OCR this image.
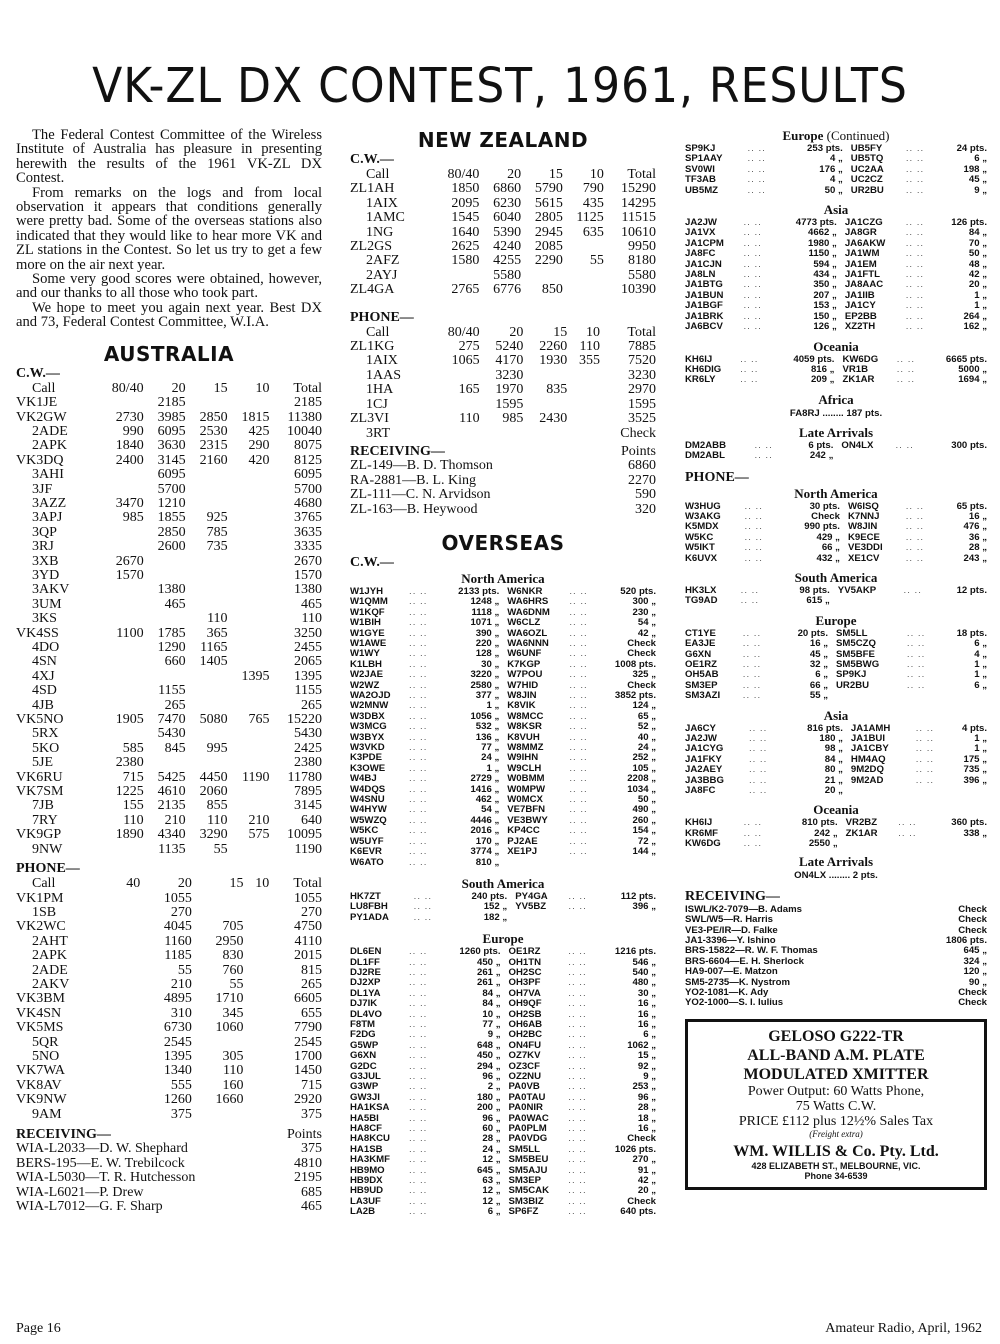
VK-ZL DX CONTEST, 1961, RESULTS

The Federal Contest Committee of the Wireless Institute of Australia has pleasure in presenting herewith the results of the 1961 VK-ZL DX Contest.

From remarks on the logs and from local observation it appears that conditions generally were pretty bad. Some of the overseas stations also indicated that they would like to hear more VK and ZL stations in the Contest. So let us try to get a few more on the air next year.

Some very good scores were obtained, however, and our thanks to all those who took part.

We hope to meet you again next year. Best DX and 73, Federal Contest Committee, W.I.A.

AUSTRALIA
C.W.—
Call	80/40	20	15	10	Total
VK1JE		2185			2185
VK2GW	2730	3985	2850	1815	11380
2ADE	990	6095	2530	425	10040
2APK	1840	3630	2315	290	8075
VK3DQ	2400	3145	2160	420	8125
3AHI		6095			6095
3JF		5700			5700
3AZZ	3470	1210			4680
3APJ	985	1855	925		3765
3QP		2850	785		3635
3RJ		2600	735		3335
3XB	2670				2670
3YD	1570				1570
3AKV		1380			1380
3UM		465			465
3KS			110		110
VK4SS	1100	1785	365		3250
4DO		1290	1165		2455
4SN		660	1405		2065
4XJ				1395	1395
4SD		1155			1155
4JB		265			265
VK5NO	1905	7470	5080	765	15220
5RX		5430			5430
5KO	585	845	995		2425
5JE	2380				2380
VK6RU	715	5425	4450	1190	11780
VK7SM	1225	4610	2060		7895
7JB	155	2135	855		3145
7RY	110	210	110	210	640
VK9GP	1890	4340	3290	575	10095
9NW		1135	55		1190
PHONE—
Call	40	20	15	10	Total
VK1PM		1055			1055
1SB		270			270
VK2WC		4045	705		4750
2AHT		1160	2950		4110
2APK		1185	830		2015
2ADE		55	760		815
2AKV		210	55		265
VK3BM		4895	1710		6605
VK4SN		310	345		655
VK5MS		6730	1060		7790
5QR		2545			2545
5NO		1395	305		1700
VK7WA		1340	110		1450
VK8AV		555	160		715
VK9NW		1260	1660		2920
9AM		375			375
RECEIVING—	Points
WIA-L2033—D. W. Shephard	375
BERS-195—E. W. Trebilcock	4810
WIA-L5030—T. R. Hutchesson	2195
WIA-L6021—P. Drew	685
WIA-L7012—G. F. Sharp	465
NEW ZEALAND
C.W.—
Call	80/40	20	15	10	Total
ZL1AH	1850	6860	5790	790	15290
1AIX	2095	6230	5615	435	14295
1AMC	1545	6040	2805	1125	11515
1NG	1640	5390	2945	635	10610
ZL2GS	2625	4240	2085		9950
2AFZ	1580	4255	2290	55	8180
2AYJ		5580			5580
ZL4GA	2765	6776	850		10390
PHONE—
Call	80/40	20	15	10	Total
ZL1KG	275	5240	2260	110	7885
1AIX	1065	4170	1930	355	7520
1AAS		3230			3230
1HA	165	1970	835		2970
1CJ		1595			1595
ZL3VI	110	985	2430		3525
3RT					Check
RECEIVING—	Points
ZL-149—B. D. Thomson	6860
RA-2881—B. L. King	2270
ZL-111—C. N. Arvidson	590
ZL-163—B. Heywood	320
OVERSEAS
C.W.—
North America
W1JYH	.. ..	2133 pts.	W6NKR	.. ..	520 pts.
W1QMM	.. ..	1248 „	WA6HRS	.. ..	300 „
W1KQF	.. ..	1118 „	WA6DNM	.. ..	230 „
W1BIH	.. ..	1071 „	W6CLZ	.. ..	54 „
W1GYE	.. ..	390 „	WA6OZL	.. ..	42 „
W1AWE	.. ..	220 „	WA6NNN	.. ..	Check
W1WY	.. ..	128 „	W6UNF	.. ..	Check
K1LBH	.. ..	30 „	K7KGP	.. ..	1008 pts.
W2JAE	.. ..	3220 „	W7POU	.. ..	325 „
W2WZ	.. ..	2580 „	W7HID	.. ..	Check
WA2OJD	.. ..	377 „	W8JIN	.. ..	3852 pts.
W2MNW	.. ..	1 „	K8VIK	.. ..	124 „
W3DBX	.. ..	1056 „	W8MCC	.. ..	65 „
W3MCG	.. ..	532 „	W8KSR	.. ..	52 „
W3BYX	.. ..	136 „	K8VUH	.. ..	40 „
W3VKD	.. ..	77 „	W8MMZ	.. ..	24 „
K3PDE	.. ..	24 „	W9IHN	.. ..	252 „
K3OWE	.. ..	1 „	W9CLH	.. ..	105 „
W4BJ	.. ..	2729 „	W0BMM	.. ..	2208 „
W4DQS	.. ..	1416 „	W0MPW	.. ..	1034 „
W4SNU	.. ..	462 „	W0MCX	.. ..	50 „
W4HYW	.. ..	54 „	VE7BFN	.. ..	490 „
W5WZQ	.. ..	4446 „	VE3BWY	.. ..	260 „
W5KC	.. ..	2016 „	KP4CC	.. ..	154 „
W5UYF	.. ..	170 „	PJ2AE	.. ..	72 „
K6EVR	.. ..	3774 „	XE1PJ	.. ..	144 „
W6ATO	.. ..	810 „			
South America
HK7ZT	.. ..	240 pts.	PY4GA	.. ..	112 pts.
LU8FBH	.. ..	152 „	YV5BZ	.. ..	396 „
PY1ADA	.. ..	182 „			
Europe
DL6EN	.. ..	1260 pts.	OE1RZ	.. ..	1216 pts.
DL1FF	.. ..	450 „	OH1TN	.. ..	546 „
DJ2RE	.. ..	261 „	OH2SC	.. ..	540 „
DJ2XP	.. ..	261 „	OH3PF	.. ..	480 „
DL1YA	.. ..	84 „	OH7VA	.. ..	30 „
DJ7IK	.. ..	84 „	OH9QF	.. ..	16 „
DL4VO	.. ..	10 „	OH2SB	.. ..	16 „
F8TM	.. ..	77 „	OH6AB	.. ..	16 „
F2DG	.. ..	9 „	OH2BC	.. ..	6 „
G5WP	.. ..	648 „	ON4FU	.. ..	1062 „
G6XN	.. ..	450 „	OZ7KV	.. ..	15 „
G2DC	.. ..	294 „	OZ3CF	.. ..	92 „
G3JUL	.. ..	96 „	OZ2NU	.. ..	9 „
G3WP	.. ..	2 „	PA0VB	.. ..	253 „
GW3JI	.. ..	180 „	PA0TAU	.. ..	96 „
HA1KSA	.. ..	200 „	PA0NIR	.. ..	28 „
HA5BI	.. ..	96 „	PA0WAC	.. ..	18 „
HA8CF	.. ..	60 „	PA0PLM	.. ..	16 „
HA8KCU	.. ..	28 „	PA0VDG	.. ..	Check
HA1SB	.. ..	24 „	SM5LL	.. ..	1026 pts.
HA3KMF	.. ..	12 „	SM5BEU	.. ..	270 „
HB9MO	.. ..	645 „	SM5AJU	.. ..	91 „
HB9DX	.. ..	63 „	SM3EP	.. ..	42 „
HB9UD	.. ..	12 „	SM5CAK	.. ..	20 „
LA3UF	.. ..	12 „	SM3BIZ	.. ..	Check
LA2B	.. ..	6 „	SP6FZ	.. ..	640 pts.
Europe (Continued)
SP9KJ	.. ..	253 pts.	UB5FY	.. ..	24 pts.
SP1AAY	.. ..	4 „	UB5TQ	.. ..	6 „
SV0WI	.. ..	176 „	UC2AA	.. ..	198 „
TF3AB	.. ..	4 „	UC2CZ	.. ..	45 „
UB5MZ	.. ..	50 „	UR2BU	.. ..	9 „
Asia
JA2JW	.. ..	4773 pts.	JA1CZG	.. ..	126 pts.
JA1VX	.. ..	4662 „	JA8GR	.. ..	84 „
JA1CPM	.. ..	1980 „	JA6AKW	.. ..	70 „
JA8FC	.. ..	1150 „	JA1WM	.. ..	50 „
JA1CJN	.. ..	594 „	JA1EM	.. ..	48 „
JA8LN	.. ..	434 „	JA1FTL	.. ..	42 „
JA1BTG	.. ..	350 „	JA8AAC	.. ..	20 „
JA1BUN	.. ..	207 „	JA1IIB	.. ..	1 „
JA1BGF	.. ..	153 „	JA1CY	.. ..	1 „
JA1BRK	.. ..	150 „	EP2BB	.. ..	264 „
JA6BCV	.. ..	126 „	XZ2TH	.. ..	162 „
Oceania
KH6IJ	.. ..	4059 pts.	KW6DG	.. ..	6665 pts.
KH6DIG	.. ..	816 „	VR1B	.. ..	5000 „
KR6LY	.. ..	209 „	ZK1AR	.. ..	1694 „
Africa
FA8RJ ........ 187 pts.
Late Arrivals
DM2ABB	.. ..	6 pts.	ON4LX	.. ..	300 pts.
DM2ABL	.. ..	242 „			
PHONE—
North America
W3HUG	.. ..	30 pts.	W6ISQ	.. ..	65 pts.
W3AKG	.. ..	Check	K7NNJ	.. ..	16 „
K5MDX	.. ..	990 pts.	W8JIN	.. ..	476 „
W5KC	.. ..	429 „	K9ECE	.. ..	36 „
W5IKT	.. ..	66 „	VE3DDI	.. ..	28 „
K6UVX	.. ..	432 „	XE1CV	.. ..	243 „
South America
HK3LX	.. ..	98 pts.	YV5AKP	.. ..	12 pts.
TG9AD	.. ..	615 „			
Europe
CT1YE	.. ..	20 pts.	SM5LL	.. ..	18 pts.
EA3JE	.. ..	16 „	SM5CZQ	.. ..	6 „
G6XN	.. ..	45 „	SM5BFE	.. ..	4 „
OE1RZ	.. ..	32 „	SM5BWG	.. ..	1 „
OH5AB	.. ..	6 „	SP9KJ	.. ..	1 „
SM3EP	.. ..	66 „	UR2BU	.. ..	6 „
SM3AZI	.. ..	55 „			
Asia
JA6CY	.. ..	816 pts.	JA1AMH	.. ..	4 pts.
JA2JW	.. ..	180 „	JA1BUI	.. ..	1 „
JA1CYG	.. ..	98 „	JA1CBY	.. ..	1 „
JA1FKY	.. ..	84 „	HM4AQ	.. ..	175 „
JA2AEY	.. ..	80 „	9M2DQ	.. ..	735 „
JA3BBG	.. ..	21 „	9M2AD	.. ..	396 „
JA8FC	.. ..	20 „			
Oceania
KH6IJ	.. ..	810 pts.	VR2BZ	.. ..	360 pts.
KR6MF	.. ..	242 „	ZK1AR	.. ..	338 „
KW6DG	.. ..	2550 „			
Late Arrivals
ON4LX ........ 2 pts.
RECEIVING—
ISWL/K2-7079—B. Adams	Check
SWL/W5—R. Harris	Check
VE3-PE/IR—D. Falke	Check
JA1-3396—Y. Ishino	1806 pts.
BRS-15822—R. W. F. Thomas	645 „
BRS-6604—E. H. Sherlock	324 „
HA9-007—E. Matzon	120 „
SM5-2735—K. Nystrom	90 „
YO2-1081—K. Ady	Check
YO2-1000—S. I. Iulius	Check
GELOSO G222-TR
ALL-BAND A.M. PLATE
MODULATED XMITTER
Power Output: 60 Watts Phone,
75 Watts C.W.
PRICE £112 plus 12½% Sales Tax
(Freight extra)
WM. WILLIS & Co. Pty. Ltd.
428 ELIZABETH ST., MELBOURNE, VIC.
Phone 34-6539
Page 16	Amateur Radio, April, 1962
